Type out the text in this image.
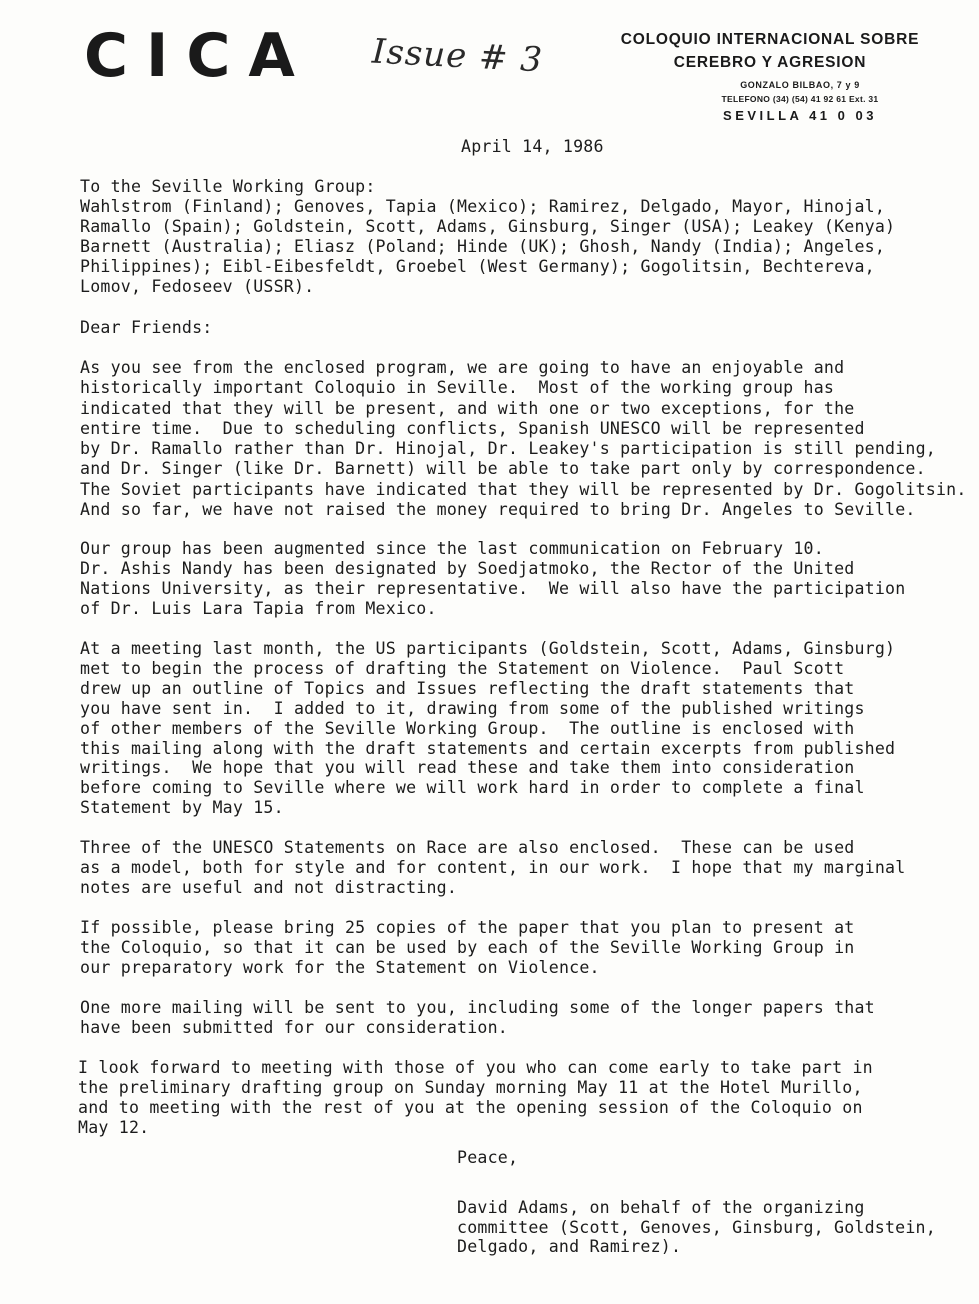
CICA Issue # 3	COLOQUIO INTERNACIONAL SOBRE
CEREBRO Y AGRESION
GONZALO BILBAO, 7 y 9
TELEFONO (34) (54) 41 92 61 Ext. 31
SEVILLA 41 0 03
April 14, 1986
To the Seville Working Group:
Wahlstrom (Finland); Genoves, Tapia (Mexico); Ramirez, Delgado, Mayor, Hinojal,
Ramallo (Spain); Goldstein, Scott, Adams, Ginsburg, Singer (USA); Leakey (Kenya)
Barnett (Australia); Eliasz (Poland; Hinde (UK); Ghosh, Nandy (India); Angeles,
Philippines); Eibl-Eibesfeldt, Groebel (West Germany); Gogolitsin, Bechtereva,
Lomov, Fedoseev (USSR).
Dear Friends:
As you see from the enclosed program, we are going to have an enjoyable and
historically important Coloquio in Seville.  Most of the working group has
indicated that they will be present, and with one or two exceptions, for the
entire time.  Due to scheduling conflicts, Spanish UNESCO will be represented
by Dr. Ramallo rather than Dr. Hinojal, Dr. Leakey's participation is still pending,
and Dr. Singer (like Dr. Barnett) will be able to take part only by correspondence.
The Soviet participants have indicated that they will be represented by Dr. Gogolitsin.
And so far, we have not raised the money required to bring Dr. Angeles to Seville.
Our group has been augmented since the last communication on February 10.
Dr. Ashis Nandy has been designated by Soedjatmoko, the Rector of the United
Nations University, as their representative.  We will also have the participation
of Dr. Luis Lara Tapia from Mexico.
At a meeting last month, the US participants (Goldstein, Scott, Adams, Ginsburg)
met to begin the process of drafting the Statement on Violence.  Paul Scott
drew up an outline of Topics and Issues reflecting the draft statements that
you have sent in.  I added to it, drawing from some of the published writings
of other members of the Seville Working Group.  The outline is enclosed with
this mailing along with the draft statements and certain excerpts from published
writings.  We hope that you will read these and take them into consideration
before coming to Seville where we will work hard in order to complete a final
Statement by May 15.
Three of the UNESCO Statements on Race are also enclosed.  These can be used
as a model, both for style and for content, in our work.  I hope that my marginal
notes are useful and not distracting.
If possible, please bring 25 copies of the paper that you plan to present at
the Coloquio, so that it can be used by each of the Seville Working Group in
our preparatory work for the Statement on Violence.
One more mailing will be sent to you, including some of the longer papers that
have been submitted for our consideration.
I look forward to meeting with those of you who can come early to take part in
the preliminary drafting group on Sunday morning May 11 at the Hotel Murillo,
and to meeting with the rest of you at the opening session of the Coloquio on
May 12.
Peace,
David Adams, on behalf of the organizing
committee (Scott, Genoves, Ginsburg, Goldstein,
Delgado, and Ramirez).
